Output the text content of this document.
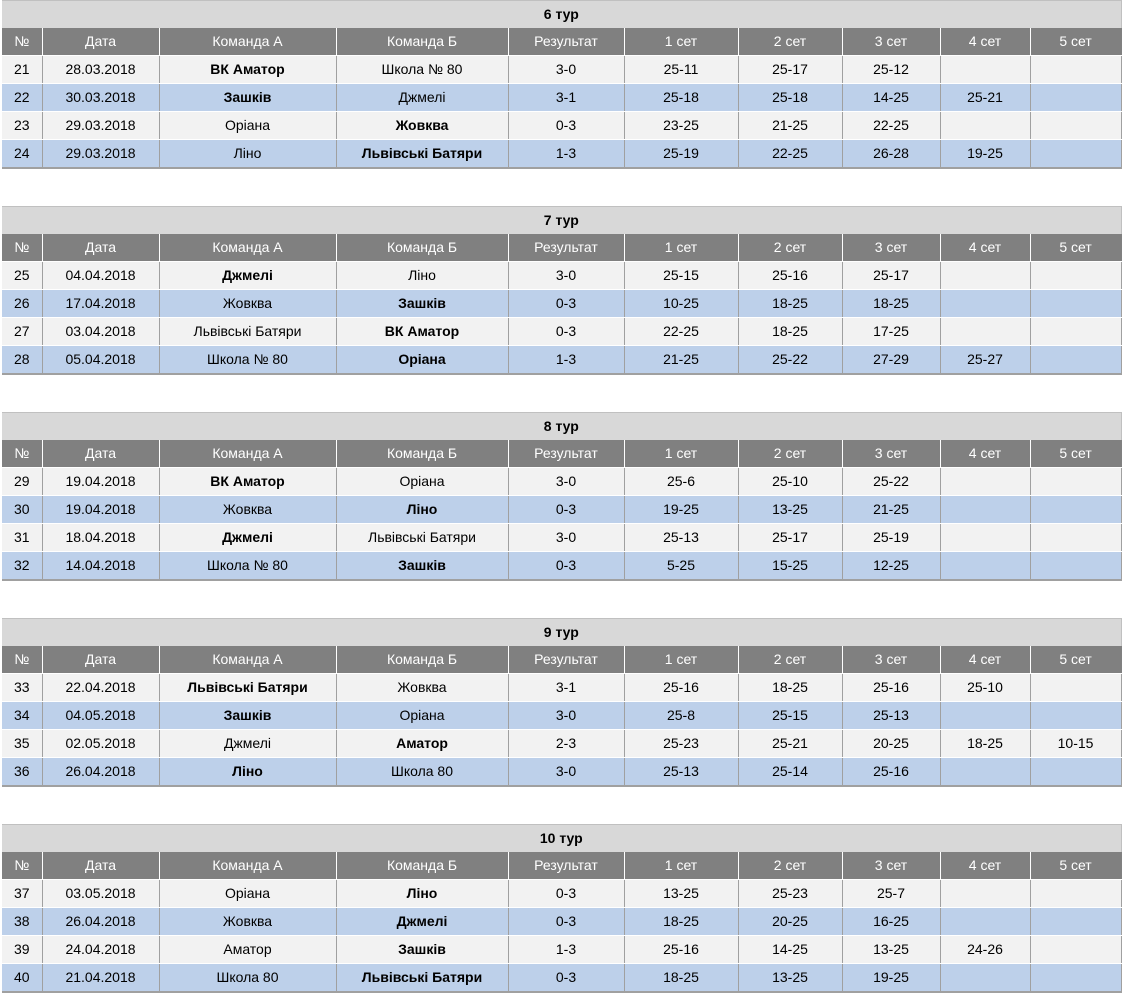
6 тур									
№	Дата	Команда А	Команда Б	Результат	1 сет	2 сет	3 сет	4 сет	5 сет
21	28.03.2018	ВК Аматор	Школа № 80	3-0	25-11	25-17	25-12		
22	30.03.2018	Зашків	Джмелі	3-1	25-18	25-18	14-25	25-21	
23	29.03.2018	Оріана	Жовква	0-3	23-25	21-25	22-25		
24	29.03.2018	Ліно	Львівські Батяри	1-3	25-19	22-25	26-28	19-25	
7 тур									
№	Дата	Команда А	Команда Б	Результат	1 сет	2 сет	3 сет	4 сет	5 сет
25	04.04.2018	Джмелі	Ліно	3-0	25-15	25-16	25-17		
26	17.04.2018	Жовква	Зашків	0-3	10-25	18-25	18-25		
27	03.04.2018	Львівські Батяри	ВК Аматор	0-3	22-25	18-25	17-25		
28	05.04.2018	Школа № 80	Оріана	1-3	21-25	25-22	27-29	25-27	
8 тур									
№	Дата	Команда А	Команда Б	Результат	1 сет	2 сет	3 сет	4 сет	5 сет
29	19.04.2018	ВК Аматор	Оріана	3-0	25-6	25-10	25-22		
30	19.04.2018	Жовква	Ліно	0-3	19-25	13-25	21-25		
31	18.04.2018	Джмелі	Львівські Батяри	3-0	25-13	25-17	25-19		
32	14.04.2018	Школа № 80	Зашків	0-3	5-25	15-25	12-25		
9 тур									
№	Дата	Команда А	Команда Б	Результат	1 сет	2 сет	3 сет	4 сет	5 сет
33	22.04.2018	Львівські Батяри	Жовква	3-1	25-16	18-25	25-16	25-10	
34	04.05.2018	Зашків	Оріана	3-0	25-8	25-15	25-13		
35	02.05.2018	Джмелі	Аматор	2-3	25-23	25-21	20-25	18-25	10-15
36	26.04.2018	Ліно	Школа 80	3-0	25-13	25-14	25-16		
10 тур									
№	Дата	Команда А	Команда Б	Результат	1 сет	2 сет	3 сет	4 сет	5 сет
37	03.05.2018	Оріана	Ліно	0-3	13-25	25-23	25-7		
38	26.04.2018	Жовква	Джмелі	0-3	18-25	20-25	16-25		
39	24.04.2018	Аматор	Зашків	1-3	25-16	14-25	13-25	24-26	
40	21.04.2018	Школа 80	Львівські Батяри	0-3	18-25	13-25	19-25		
